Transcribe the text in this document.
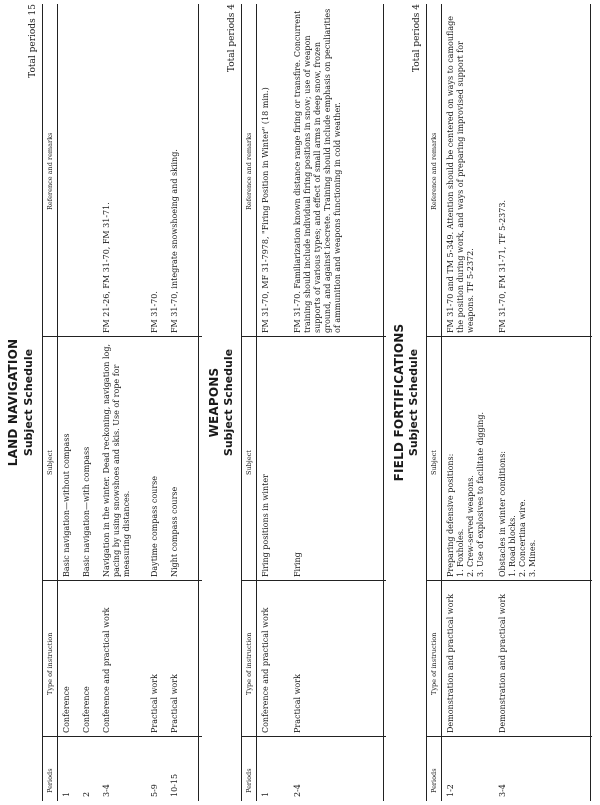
LAND NAVIGATION Subject Schedule
Total periods 15
Periods
Type of instruction
Subject
Reference and remarks
1
Conference
Basic navigation—without compass
2
Conference
Basic navigation—with compass
3-4
Conference and practical work
Navigation in the winter. Dead reckoning, navigation log, pacing by using snowshoes and skis. Use of rope for measuring distances.
FM 21-26, FM 31-70, FM 31-71.
5-9
Practical work
Daytime compass course
FM 31-70.
10-15
Practical work
Night compass course
FM 31-70, integrate snowshoeing and skiing.
WEAPONS Subject Schedule
Total periods 4
Periods
Type of instruction
Subject
Reference and remarks
1
Conference and practical work
Firing positions in winter
FM 31-70, MF 31-7978, "Firing Position in Winter" (18 min.)
2-4
Practical work
Firing
FM 31-70. Familiarization known distance range firing or transfire. Concurrent training should include individual firing positions in snow; use of weapon supports of various types; and effect of small arms in deep snow, frozen ground, and against icecrete. Training should include emphasis on peculiarities of ammunition and weapons functioning in cold weather.
FIELD FORTIFICATIONS Subject Schedule
Total periods 4
Periods
Type of instruction
Subject
Reference and remarks
1-2
Demonstration and practical work
Preparing defensive positions: 1.Foxholes.
2.Crew-served weapons.
3.Use of explosives to facilitate digging.
FM 31-70 and TM 5-349. Attention should be centered on ways to camouflage the position during work, and ways of preparing improvised support for weapons. TF 5-2372.
3-4
Demonstration and practical work
Obstacles in winter conditions: 1.Road blocks.
2.Concertina wire.
3.Mines.
FM 31-70, FM 31-71, TF 5-2373.
